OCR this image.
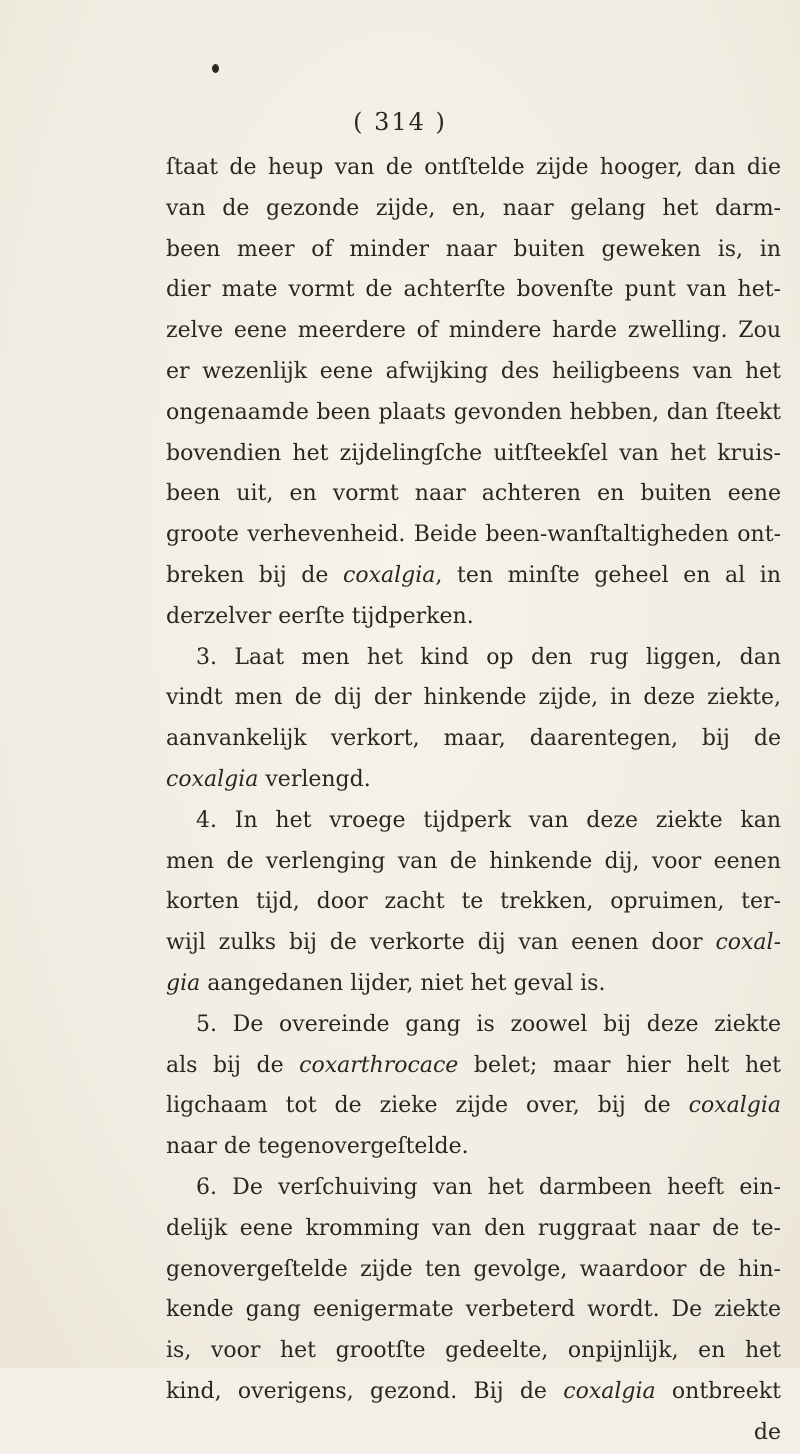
( 314 )
ſtaat de heup van de ontſtelde zijde hooger, dan die
van de gezonde zijde, en, naar gelang het darm-
been meer of minder naar buiten geweken is, in
dier mate vormt de achterſte bovenſte punt van het-
zelve eene meerdere of mindere harde zwelling. Zou
er wezenlijk eene afwijking des heiligbeens van het
ongenaamde been plaats gevonden hebben, dan ſteekt
bovendien het zijdelingſche uitſteekſel van het kruis-
been uit, en vormt naar achteren en buiten eene
groote verhevenheid. Beide been-wanſtaltigheden ont-
breken bij de coxalgia, ten minſte geheel en al in
derzelver eerſte tijdperken.
3. Laat men het kind op den rug liggen, dan
vindt men de dij der hinkende zijde, in deze ziekte,
aanvankelijk verkort, maar, daarentegen, bij de
coxalgia verlengd.
4. In het vroege tijdperk van deze ziekte kan
men de verlenging van de hinkende dij, voor eenen
korten tijd, door zacht te trekken, opruimen, ter-
wijl zulks bij de verkorte dij van eenen door coxal-
gia aangedanen lijder, niet het geval is.
5. De overeinde gang is zoowel bij deze ziekte
als bij de coxarthrocace belet; maar hier helt het
ligchaam tot de zieke zijde over, bij de coxalgia
naar de tegenovergeſtelde.
6. De verſchuiving van het darmbeen heeft ein-
delijk eene kromming van den ruggraat naar de te-
genovergeſtelde zijde ten gevolge, waardoor de hin-
kende gang eenigermate verbeterd wordt. De ziekte
is, voor het grootſte gedeelte, onpijnlijk, en het
kind, overigens, gezond. Bij de coxalgia ontbreekt
de
